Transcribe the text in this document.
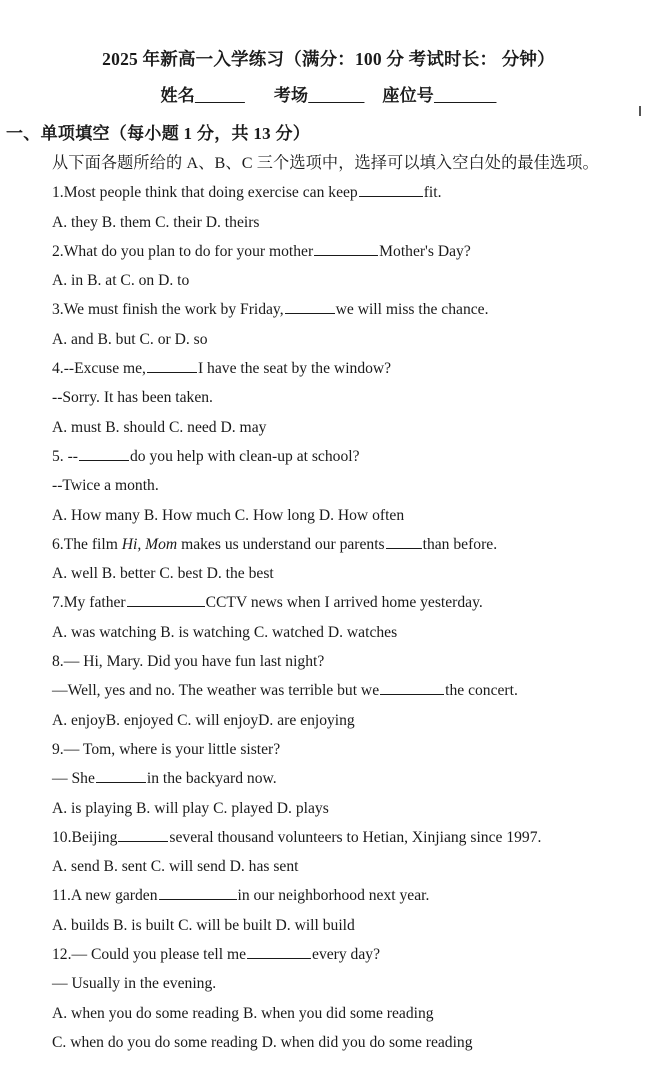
2025 年新高一入学练习（满分：100 分 考试时长： 分钟）
姓名	考场	座位号
一、单项填空（每小题 1 分，共 13 分）
从下面各题所给的 A、B、C 三个选项中，选择可以填入空白处的最佳选项。
1.Most people think that doing exercise can keep	fit.
A. they B. them C. their D. theirs
2.What do you plan to do for your mother	Mother's Day?
A. in B. at C. on D. to
3.We must finish the work by Friday,	we will miss the chance.
A. and B. but C. or D. so
4.--Excuse me,	I have the seat by the window?
--Sorry. It has been taken.
A. must B. should C. need D. may
5. --	do you help with clean-up at school?
--Twice a month.
A. How many B. How much C. How long D. How often
6.The film Hi, Mom makes us understand our parents than before.
A. well B. better C. best D. the best
7.My father	CCTV news when I arrived home yesterday.
A. was watching B. is watching C. watched D. watches
8.— Hi, Mary. Did you have fun last night?
—Well, yes and no. The weather was terrible but we	the concert.
A. enjoyB. enjoyed C. will enjoyD. are enjoying
9.— Tom, where is your little sister?
— She	in the backyard now.
A. is playing B. will play C. played D. plays
10.Beijing	several thousand volunteers to Hetian, Xinjiang since 1997.
A. send B. sent C. will send D. has sent
11.A new garden	in our neighborhood next year.
A. builds B. is built C. will be built D. will build
12.— Could you please tell me	every day?
— Usually in the evening.
A. when you do some reading B. when you did some reading
C. when do you do some reading D. when did you do some reading
